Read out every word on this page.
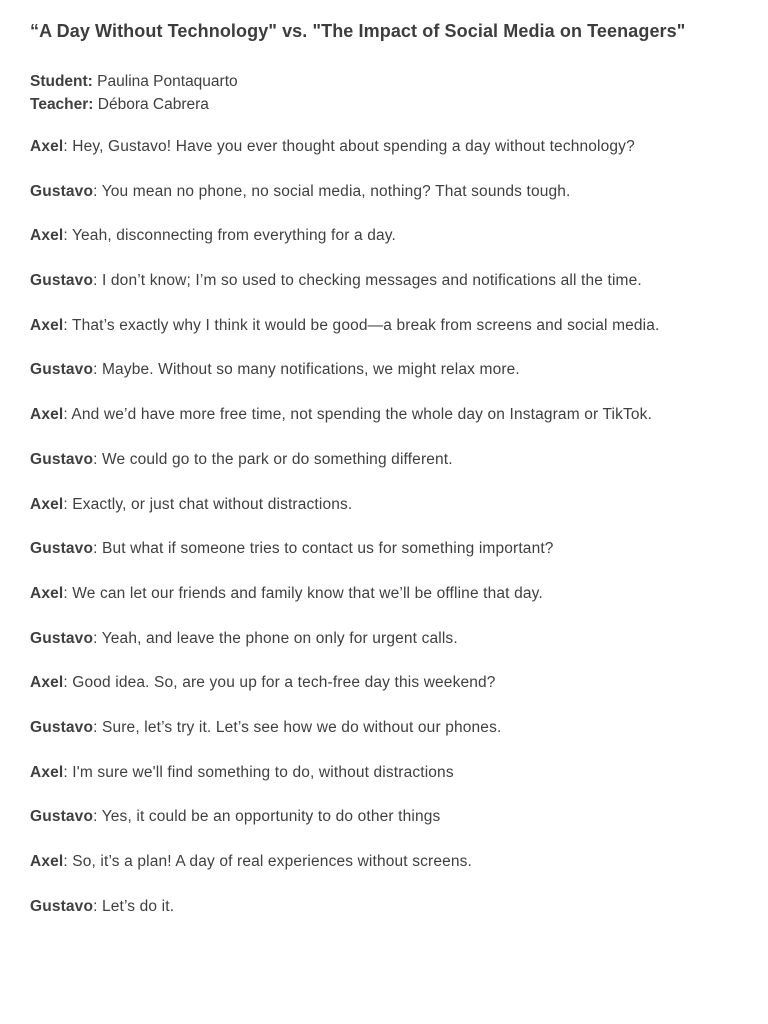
“A Day Without Technology" vs. "The Impact of Social Media on Teenagers"
Student: Paulina Pontaquarto
Teacher: Débora Cabrera
Axel: Hey, Gustavo! Have you ever thought about spending a day without technology?
Gustavo: You mean no phone, no social media, nothing? That sounds tough.
Axel: Yeah, disconnecting from everything for a day.
Gustavo: I don’t know; I’m so used to checking messages and notifications all the time.
Axel: That’s exactly why I think it would be good—a break from screens and social media.
Gustavo: Maybe. Without so many notifications, we might relax more.
Axel: And we’d have more free time, not spending the whole day on Instagram or TikTok.
Gustavo: We could go to the park or do something different.
Axel: Exactly, or just chat without distractions.
Gustavo: But what if someone tries to contact us for something important?
Axel: We can let our friends and family know that we’ll be offline that day.
Gustavo: Yeah, and leave the phone on only for urgent calls.
Axel: Good idea. So, are you up for a tech-free day this weekend?
Gustavo: Sure, let’s try it. Let’s see how we do without our phones.
Axel: I'm sure we'll find something to do, without distractions
Gustavo: Yes, it could be an opportunity to do other things
Axel: So, it’s a plan! A day of real experiences without screens.
Gustavo: Let’s do it.
